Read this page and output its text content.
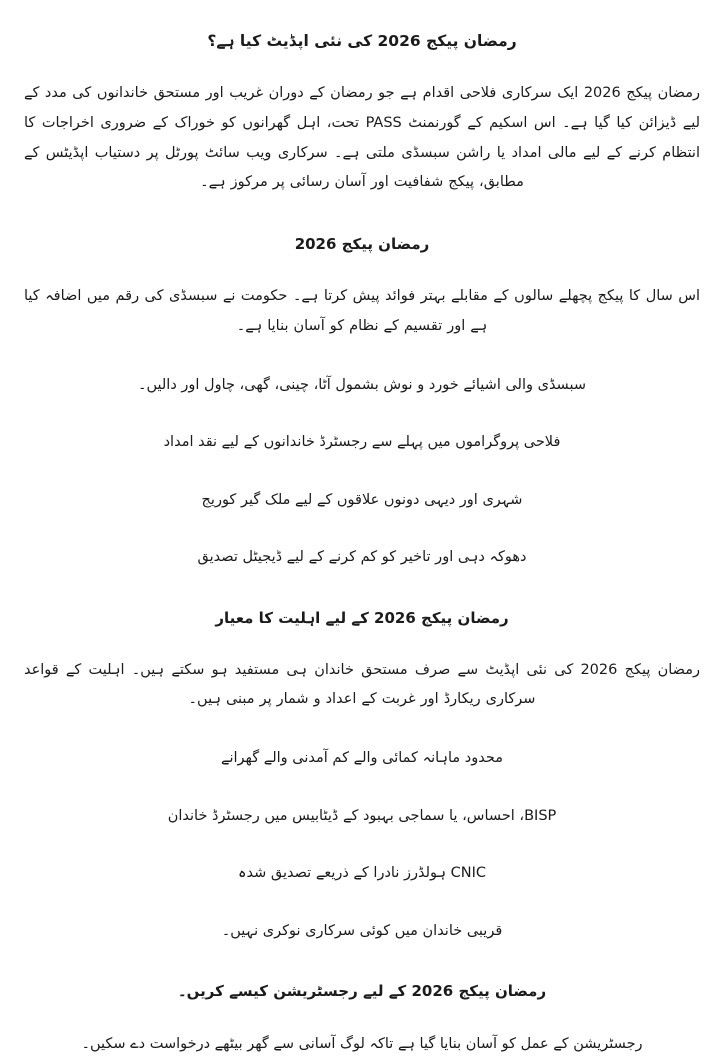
رمضان پیکج 2026 کی نئی اپڈیٹ کیا ہے؟

رمضان پیکج 2026 ایک سرکاری فلاحی اقدام ہے جو رمضان کے دوران غریب اور مستحق خاندانوں کی مدد کے لیے ڈیزائن کیا گیا ہے۔ اس اسکیم کے گورنمنٹ PASS تحت، اہل گھرانوں کو خوراک کے ضروری اخراجات کا انتظام کرنے کے لیے مالی امداد یا راشن سبسڈی ملتی ہے۔ سرکاری ویب سائٹ پورٹل پر دستیاب اپڈیٹس کے مطابق، پیکج شفافیت اور آسان رسائی پر مرکوز ہے۔

رمضان پیکج 2026

اس سال کا پیکج پچھلے سالوں کے مقابلے بہتر فوائد پیش کرتا ہے۔ حکومت نے سبسڈی کی رقم میں اضافہ کیا ہے اور تقسیم کے نظام کو آسان بنایا ہے۔

سبسڈی والی اشیائے خورد و نوش بشمول آٹا، چینی، گھی، چاول اور دالیں۔

فلاحی پروگراموں میں پہلے سے رجسٹرڈ خاندانوں کے لیے نقد امداد

شہری اور دیہی دونوں علاقوں کے لیے ملک گیر کوریج

دھوکہ دہی اور تاخیر کو کم کرنے کے لیے ڈیجیٹل تصدیق

رمضان پیکج 2026 کے لیے اہلیت کا معیار

رمضان پیکج 2026 کی نئی اپڈیٹ سے صرف مستحق خاندان ہی مستفید ہو سکتے ہیں۔ اہلیت کے قواعد سرکاری ریکارڈ اور غربت کے اعداد و شمار پر مبنی ہیں۔

محدود ماہانہ کمائی والے کم آمدنی والے گھرانے

BISP، احساس، یا سماجی بہبود کے ڈیٹابیس میں رجسٹرڈ خاندان

CNIC ہولڈرز نادرا کے ذریعے تصدیق شدہ

قریبی خاندان میں کوئی سرکاری نوکری نہیں۔

رمضان پیکج 2026 کے لیے رجسٹریشن کیسے کریں۔

رجسٹریشن کے عمل کو آسان بنایا گیا ہے تاکہ لوگ آسانی سے گھر بیٹھے درخواست دے سکیں۔
